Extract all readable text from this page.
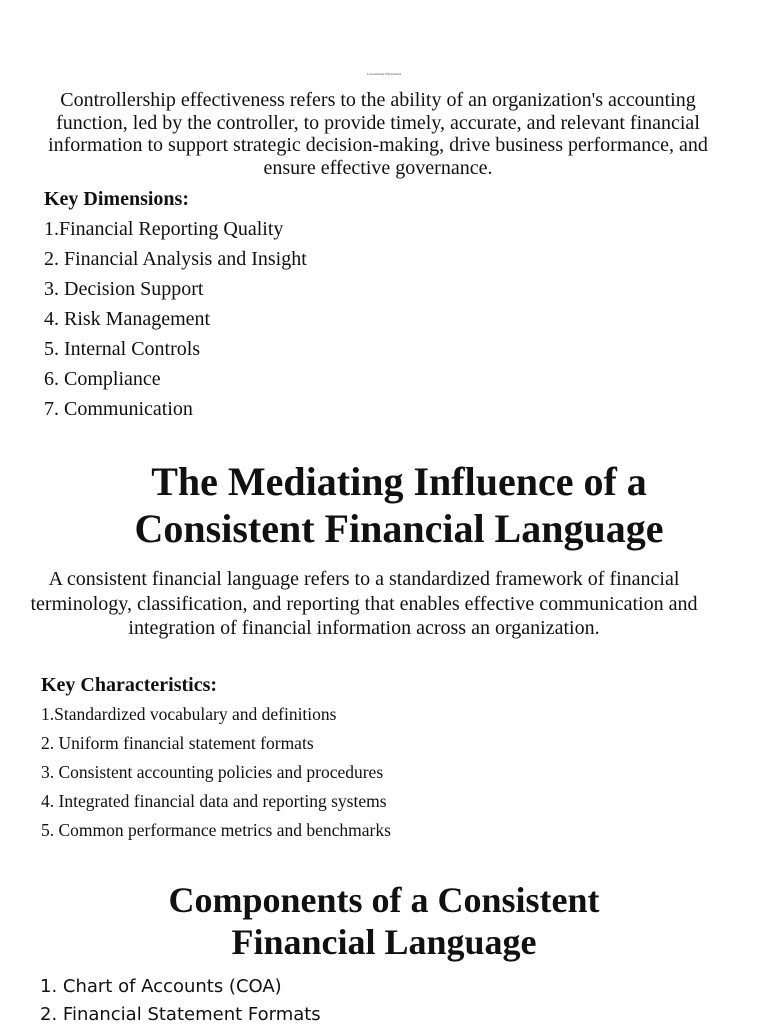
Controllership Effectiveness

Controllership effectiveness refers to the ability of an organization's accounting function, led by the controller, to provide timely, accurate, and relevant financial information to support strategic decision-making, drive business performance, and ensure effective governance.

Key Dimensions:
1.Financial Reporting Quality
2. Financial Analysis and Insight
3. Decision Support
4. Risk Management
5. Internal Controls
6. Compliance
7. Communication
The Mediating Influence of a
Consistent Financial Language

A consistent financial language refers to a standardized framework of financial terminology, classification, and reporting that enables effective communication and integration of financial information across an organization.

Key Characteristics:
1.Standardized vocabulary and definitions
2. Uniform financial statement formats
3. Consistent accounting policies and procedures
4. Integrated financial data and reporting systems
5. Common performance metrics and benchmarks
Components of a Consistent
Financial Language
1. Chart of Accounts (COA)
2. Financial Statement Formats
